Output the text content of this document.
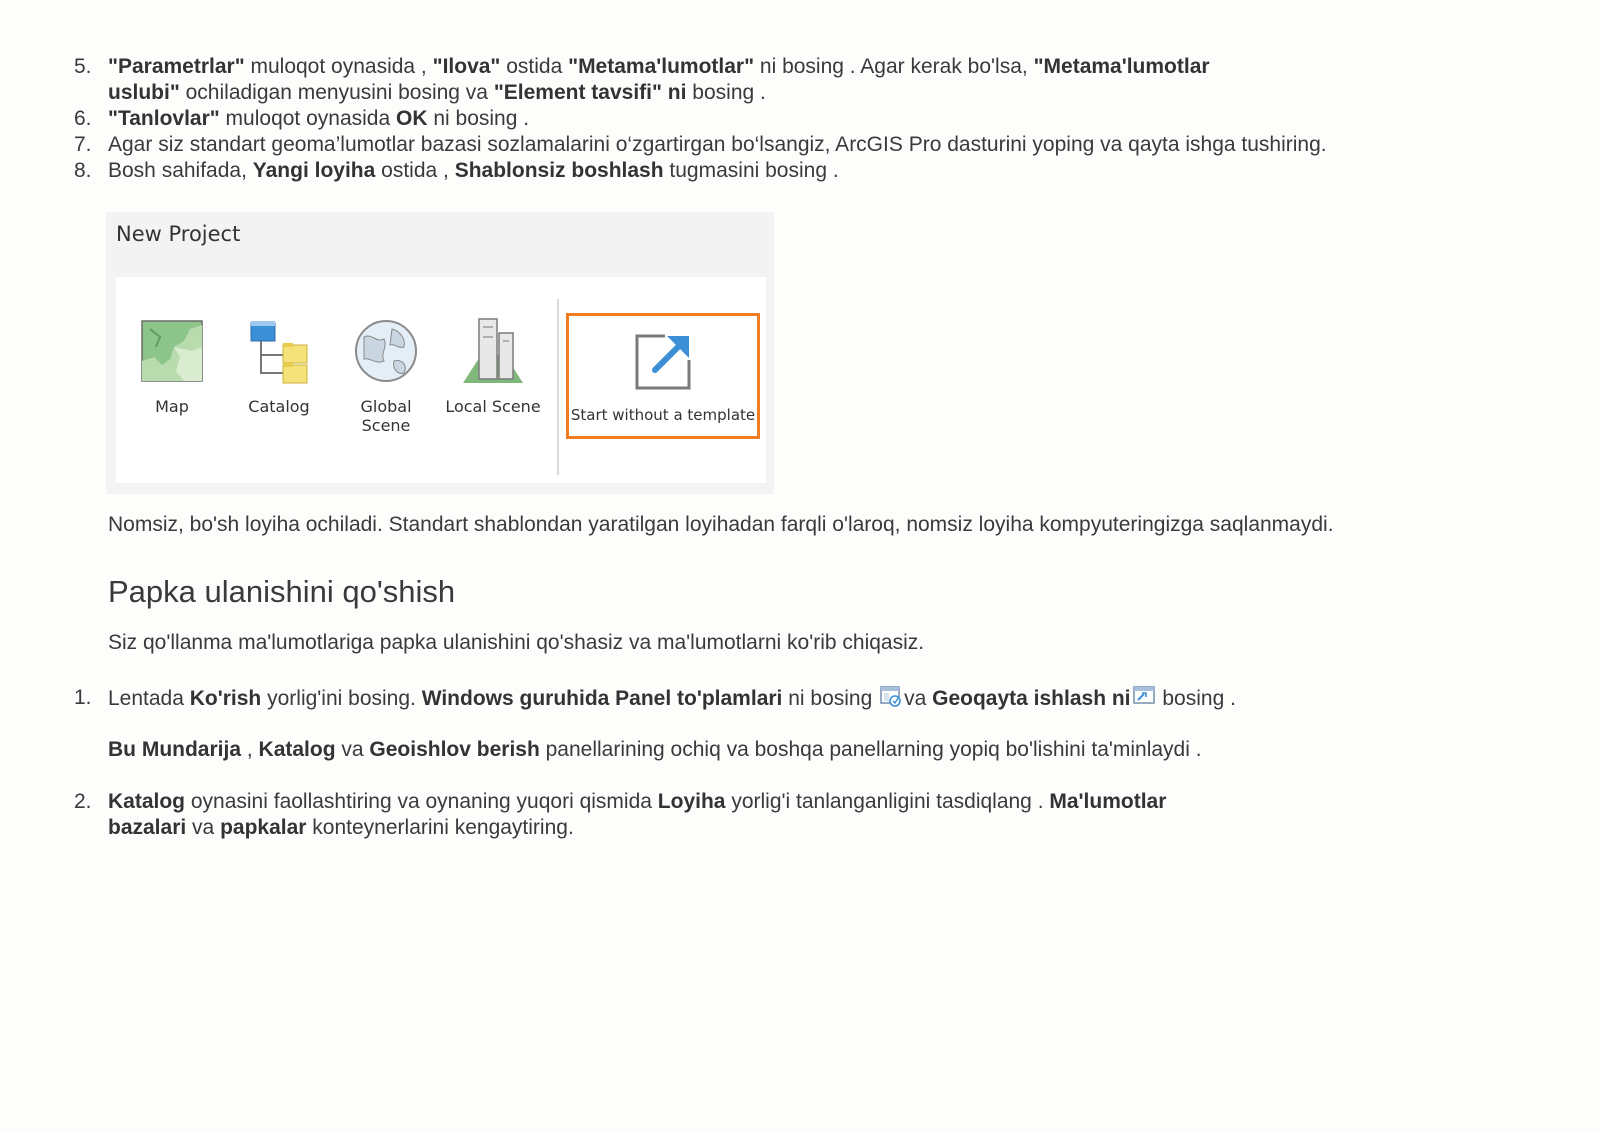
5. "Parametrlar" muloqot oynasida , "Ilova" ostida "Metama'lumotlar" ni bosing . Agar kerak bo'lsa, "Metama'lumotlar
uslubi" ochiladigan menyusini bosing va "Element tavsifi" ni bosing .
6. "Tanlovlar" muloqot oynasida OK ni bosing .
7. Agar siz standart geoma’lumotlar bazasi sozlamalarini o‘zgartirgan bo‘lsangiz, ArcGIS Pro dasturini yoping va qayta ishga tushiring.
8. Bosh sahifada, Yangi loyiha ostida , Shablonsiz boshlash tugmasini bosing .
New Project
Map	Catalog	Global Scene
Local Scene Start without a template
Nomsiz, bo'sh loyiha ochiladi. Standart shablondan yaratilgan loyihadan farqli o'laroq, nomsiz loyiha kompyuteringizga saqlanmaydi.
Papka ulanishini qo'shish
Siz qo'llanma ma'lumotlariga papka ulanishini qo'shasiz va ma'lumotlarni ko'rib chiqasiz.
1. Lentada Ko'rish yorlig'ini bosing. Windows guruhida Panel to'plamlari ni bosing va Geoqayta ishlash ni bosing .
Bu Mundarija , Katalog va Geoishlov berish panellarining ochiq va boshqa panellarning yopiq bo'lishini ta'minlaydi .
2. Katalog oynasini faollashtiring va oynaning yuqori qismida Loyiha yorlig'i tanlanganligini tasdiqlang . Ma'lumotlar
bazalari va papkalar konteynerlarini kengaytiring.
